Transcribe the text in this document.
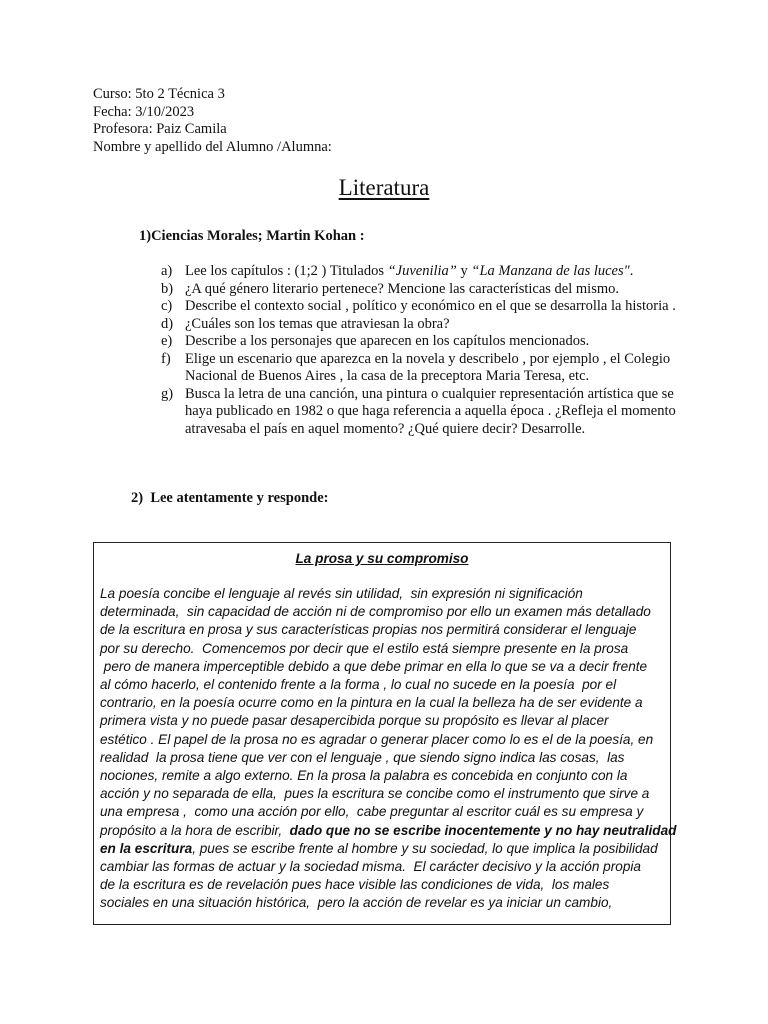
Curso: 5to 2 Técnica 3
Fecha: 3/10/2023
Profesora: Paiz Camila
Nombre y apellido del Alumno /Alumna:
Literatura
1)Ciencias Morales; Martin Kohan :
a) Lee los capítulos : (1;2 ) Titulados “Juvenilia” y “La Manzana de las luces".
b) ¿A qué género literario pertenece? Mencione las características del mismo.
c) Describe el contexto social , político y económico en el que se desarrolla la historia .
d) ¿Cuáles son los temas que atraviesan la obra?
e) Describe a los personajes que aparecen en los capítulos mencionados.
f) Elige un escenario que aparezca en la novela y describelo , por ejemplo , el Colegio Nacional de Buenos Aires , la casa de la preceptora Maria Teresa, etc.
g) Busca la letra de una canción, una pintura o cualquier representación artística que se haya publicado en 1982 o que haga referencia a aquella época . ¿Refleja el momento atravesaba el país en aquel momento? ¿Qué quiere decir? Desarrolle.
2)  Lee atentamente y responde:
La prosa y su compromiso
La poesía concibe el lenguaje al revés sin utilidad,  sin expresión ni significación
determinada,  sin capacidad de acción ni de compromiso por ello un examen más detallado
de la escritura en prosa y sus características propias nos permitirá considerar el lenguaje
por su derecho.  Comencemos por decir que el estilo está siempre presente en la prosa
pero de manera imperceptible debido a que debe primar en ella lo que se va a decir frente
al cómo hacerlo, el contenido frente a la forma , lo cual no sucede en la poesía  por el
contrario, en la poesía ocurre como en la pintura en la cual la belleza ha de ser evidente a
primera vista y no puede pasar desapercibida porque su propósito es llevar al placer
estético . El papel de la prosa no es agradar o generar placer como lo es el de la poesía, en
realidad  la prosa tiene que ver con el lenguaje , que siendo signo indica las cosas,  las
nociones, remite a algo externo. En la prosa la palabra es concebida en conjunto con la
acción y no separada de ella,  pues la escritura se concibe como el instrumento que sirve a
una empresa ,  como una acción por ello,  cabe preguntar al escritor cuál es su empresa y
propósito a la hora de escribir,  dado que no se escribe inocentemente y no hay neutralidad
en la escritura, pues se escribe frente al hombre y su sociedad, lo que implica la posibilidad
cambiar las formas de actuar y la sociedad misma.  El carácter decisivo y la acción propia
de la escritura es de revelación pues hace visible las condiciones de vida,  los males
sociales en una situación histórica,  pero la acción de revelar es ya iniciar un cambio,
